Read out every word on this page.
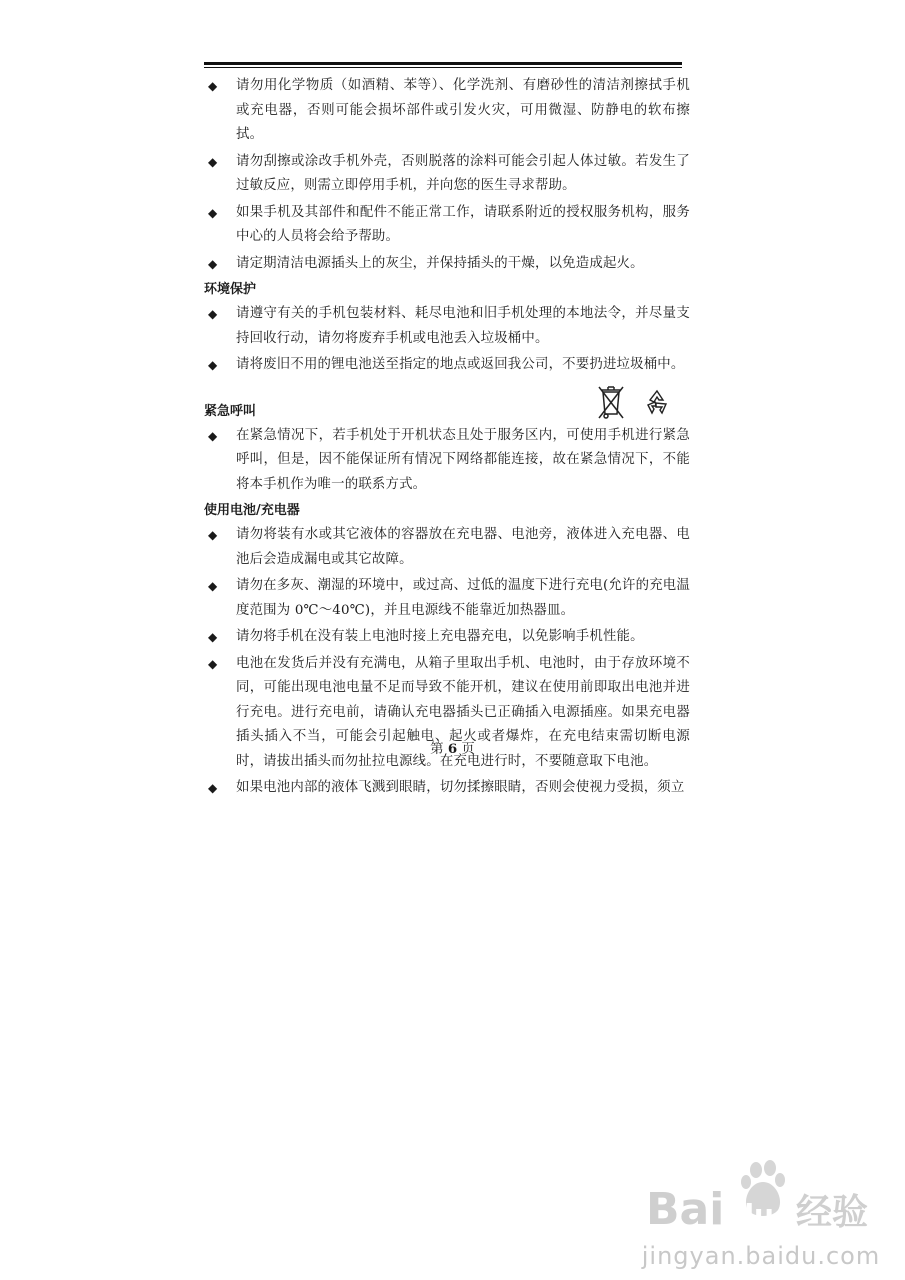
◆ 请勿用化学物质（如酒精、苯等）、化学洗剂、有磨砂性的清洁剂擦拭手机或充电器，否则可能会损坏部件或引发火灾，可用微湿、防静电的软布擦拭。
◆ 请勿刮擦或涂改手机外壳，否则脱落的涂料可能会引起人体过敏。若发生了过敏反应，则需立即停用手机，并向您的医生寻求帮助。
◆ 如果手机及其部件和配件不能正常工作，请联系附近的授权服务机构，服务中心的人员将会给予帮助。
◆ 请定期清洁电源插头上的灰尘，并保持插头的干燥，以免造成起火。
环境保护
◆ 请遵守有关的手机包装材料、耗尽电池和旧手机处理的本地法令，并尽量支持回收行动，请勿将废弃手机或电池丢入垃圾桶中。
◆ 请将废旧不用的锂电池送至指定的地点或返回我公司，不要扔进垃圾桶中。
紧急呼叫
◆ 在紧急情况下，若手机处于开机状态且处于服务区内，可使用手机进行紧急呼叫，但是，因不能保证所有情况下网络都能连接，故在紧急情况下，不能将本手机作为唯一的联系方式。
使用电池/充电器
◆ 请勿将装有水或其它液体的容器放在充电器、电池旁，液体进入充电器、电池后会造成漏电或其它故障。
◆ 请勿在多灰、潮湿的环境中，或过高、过低的温度下进行充电(允许的充电温度范围为 0℃～40℃)，并且电源线不能靠近加热器皿。
◆ 请勿将手机在没有装上电池时接上充电器充电，以免影响手机性能。
◆ 电池在发货后并没有充满电，从箱子里取出手机、电池时，由于存放环境不同，可能出现电池电量不足而导致不能开机，建议在使用前即取出电池并进行充电。进行充电前，请确认充电器插头已正确插入电源插座。如果充电器插头插入不当，可能会引起触电、起火或者爆炸，在充电结束需切断电源时，请拔出插头而勿扯拉电源线。在充电进行时，不要随意取下电池。
◆ 如果电池内部的液体飞溅到眼睛，切勿揉擦眼睛，否则会使视力受损，须立
第 6 页
Bai du 经验
jingyan.baidu.com
